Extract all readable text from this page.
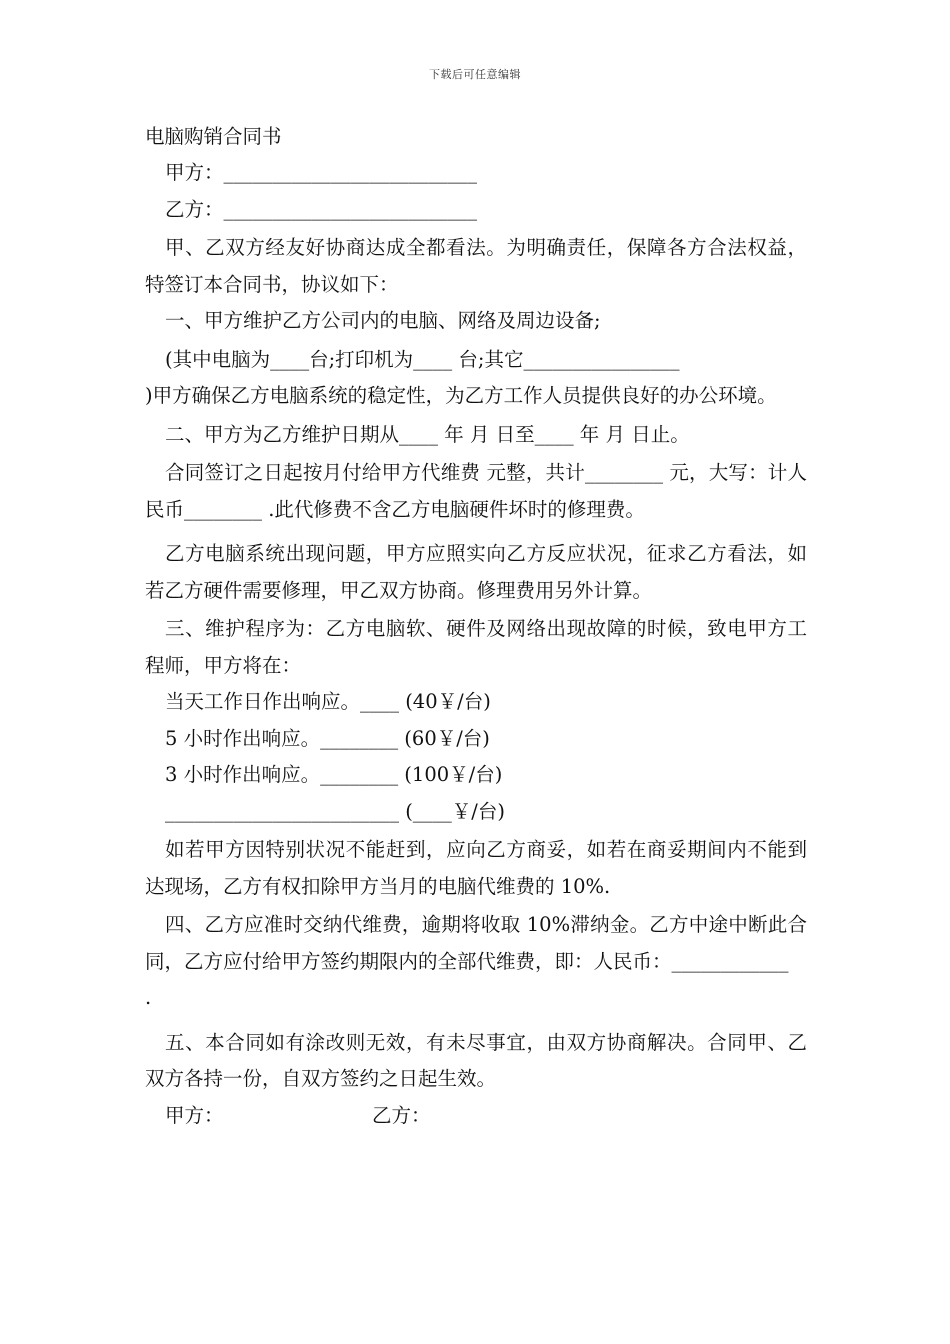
下载后可任意编辑
电脑购销合同书
甲方：__________________________
乙方：__________________________
甲、乙双方经友好协商达成全都看法。为明确责任，保障各方合法权益，特签订本合同书，协议如下：
一、甲方维护乙方公司内的电脑、网络及周边设备;
(其中电脑为____台;打印机为____ 台;其它________________
)甲方确保乙方电脑系统的稳定性，为乙方工作人员提供良好的办公环境。
二、甲方为乙方维护日期从____ 年 月 日至____ 年 月 日止。
合同签订之日起按月付给甲方代维费 元整，共计________ 元，大写：计人民币________ .此代修费不含乙方电脑硬件坏时的修理费。
乙方电脑系统出现问题，甲方应照实向乙方反应状况，征求乙方看法，如若乙方硬件需要修理，甲乙双方协商。修理费用另外计算。
三、维护程序为：乙方电脑软、硬件及网络出现故障的时候，致电甲方工程师，甲方将在：
当天工作日作出响应。____ (40￥/台)
5 小时作出响应。________ (60￥/台)
3 小时作出响应。________ (100￥/台)
________________________ (____￥/台)
如若甲方因特别状况不能赶到，应向乙方商妥，如若在商妥期间内不能到达现场，乙方有权扣除甲方当月的电脑代维费的 10%.
四、乙方应准时交纳代维费，逾期将收取 10%滞纳金。乙方中途中断此合同，乙方应付给甲方签约期限内的全部代维费，即：人民币：____________
.
五、本合同如有涂改则无效，有未尽事宜，由双方协商解决。合同甲、乙双方各持一份，自双方签约之日起生效。
甲方：	乙方：
